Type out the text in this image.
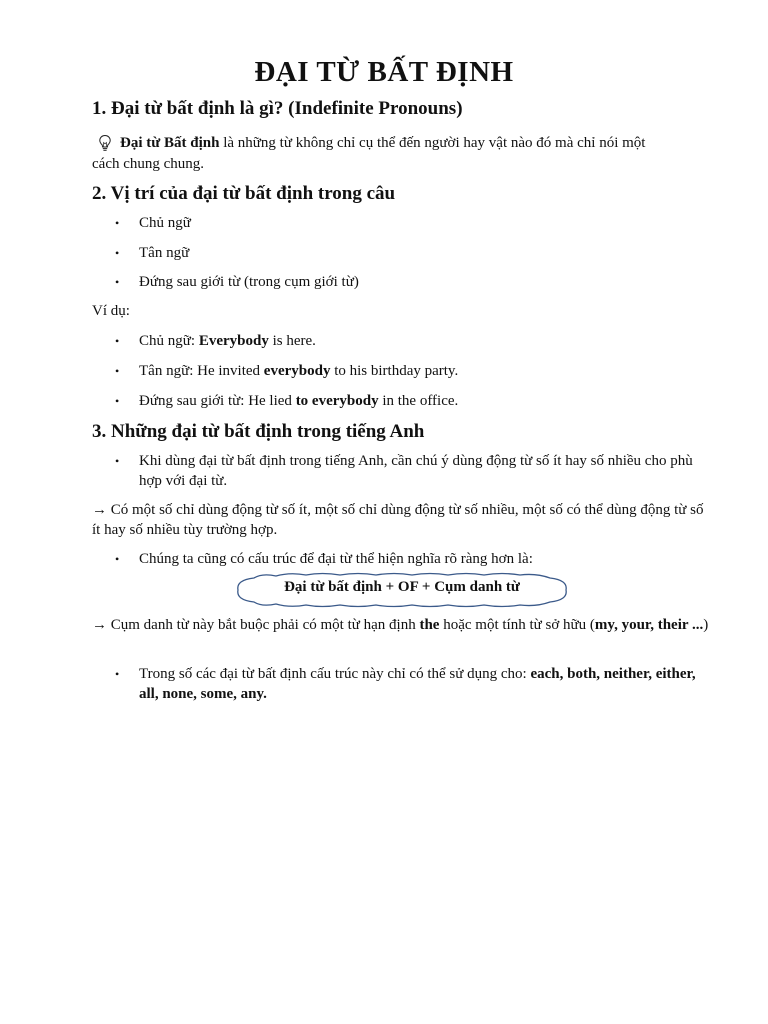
ĐẠI TỪ BẤT ĐỊNH
1. Đại từ bất định là gì? (Indefinite Pronouns)
Đại từ Bất định là những từ không chỉ cụ thể đến người hay vật nào đó mà chỉ nói một
cách chung chung.
2. Vị trí của đại từ bất định trong câu
• Chủ ngữ
• Tân ngữ
• Đứng sau giới từ (trong cụm giới từ)
Ví dụ:
• Chủ ngữ: Everybody is here.
• Tân ngữ: He invited everybody to his birthday party.
• Đứng sau giới từ: He lied to everybody in the office.
3. Những đại từ bất định trong tiếng Anh
• Khi dùng đại từ bất định trong tiếng Anh, cần chú ý dùng động từ số ít hay số nhiều cho phù hợp với đại từ.
→ Có một số chỉ dùng động từ số ít, một số chỉ dùng động từ số nhiều, một số có thể dùng động từ số ít hay số nhiều tùy trường hợp.
• Chúng ta cũng có cấu trúc để đại từ thể hiện nghĩa rõ ràng hơn là:
Đại từ bất định + OF + Cụm danh từ
→ Cụm danh từ này bắt buộc phải có một từ hạn định the hoặc một tính từ sở hữu (my, your, their ...)
• Trong số các đại từ bất định cấu trúc này chỉ có thể sử dụng cho: each, both, neither, either, all, none, some, any.
